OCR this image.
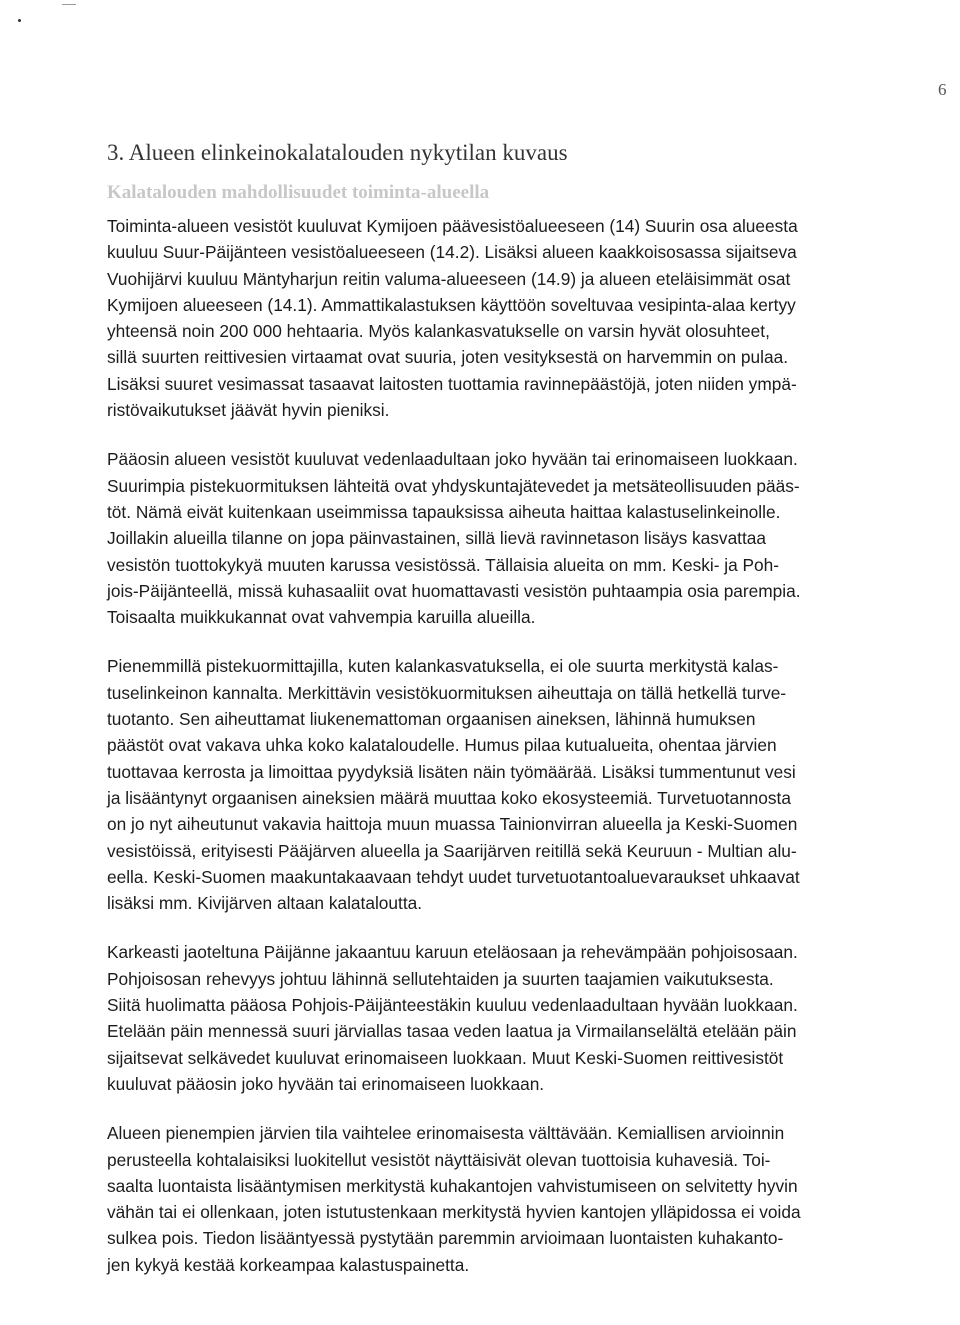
6
3. Alueen elinkeinokalatalouden nykytilan kuvaus
Kalatalouden mahdollisuudet toiminta-alueella

Toiminta-alueen vesistöt kuuluvat Kymijoen päävesistöalueeseen (14) Suurin osa alueesta
kuuluu Suur-Päijänteen vesistöalueeseen (14.2). Lisäksi alueen kaakkoisosassa sijaitseva
Vuohijärvi kuuluu Mäntyharjun reitin valuma-alueeseen (14.9) ja alueen eteläisimmät osat
Kymijoen alueeseen (14.1). Ammattikalastuksen käyttöön soveltuvaa vesipinta-alaa kertyy
yhteensä noin 200 000 hehtaaria. Myös kalankasvatukselle on varsin hyvät olosuhteet,
sillä suurten reittivesien virtaamat ovat suuria, joten vesityksestä on harvemmin on pulaa.
Lisäksi suuret vesimassat tasaavat laitosten tuottamia ravinnepäästöjä, joten niiden ympä-
ristövaikutukset jäävät hyvin pieniksi.

Pääosin alueen vesistöt kuuluvat vedenlaadultaan joko hyvään tai erinomaiseen luokkaan.
Suurimpia pistekuormituksen lähteitä ovat yhdyskuntajätevedet ja metsäteollisuuden pääs-
töt. Nämä eivät kuitenkaan useimmissa tapauksissa aiheuta haittaa kalastuselinkeinolle.
Joillakin alueilla tilanne on jopa päinvastainen, sillä lievä ravinnetason lisäys kasvattaa
vesistön tuottokykyä muuten karussa vesistössä. Tällaisia alueita on mm. Keski- ja Poh-
jois-Päijänteellä, missä kuhasaaliit ovat huomattavasti vesistön puhtaampia osia parempia.
Toisaalta muikkukannat ovat vahvempia karuilla alueilla.

Pienemmillä pistekuormittajilla, kuten kalankasvatuksella, ei ole suurta merkitystä kalas-
tuselinkeinon kannalta. Merkittävin vesistökuormituksen aiheuttaja on tällä hetkellä turve-
tuotanto. Sen aiheuttamat liukenemattoman orgaanisen aineksen, lähinnä humuksen
päästöt ovat vakava uhka koko kalataloudelle. Humus pilaa kutualueita, ohentaa järvien
tuottavaa kerrosta ja limoittaa pyydyksiä lisäten näin työmäärää. Lisäksi tummentunut vesi
ja lisääntynyt orgaanisen aineksien määrä muuttaa koko ekosysteemiä. Turvetuotannosta
on jo nyt aiheutunut vakavia haittoja muun muassa Tainionvirran alueella ja Keski-Suomen
vesistöissä, erityisesti Pääjärven alueella ja Saarijärven reitillä sekä Keuruun - Multian alu-
eella. Keski-Suomen maakuntakaavaan tehdyt uudet turvetuotantoaluevaraukset uhkaavat
lisäksi mm. Kivijärven altaan kalataloutta.

Karkeasti jaoteltuna Päijänne jakaantuu karuun eteläosaan ja rehevämpään pohjoisosaan.
Pohjoisosan rehevyys johtuu lähinnä sellutehtaiden ja suurten taajamien vaikutuksesta.
Siitä huolimatta pääosa Pohjois-Päijänteestäkin kuuluu vedenlaadultaan hyvään luokkaan.
Etelään päin mennessä suuri järviallas tasaa veden laatua ja Virmailanselältä etelään päin
sijaitsevat selkävedet kuuluvat erinomaiseen luokkaan. Muut Keski-Suomen reittivesistöt
kuuluvat pääosin joko hyvään tai erinomaiseen luokkaan.

Alueen pienempien järvien tila vaihtelee erinomaisesta välttävään. Kemiallisen arvioinnin
perusteella kohtalaisiksi luokitellut vesistöt näyttäisivät olevan tuottoisia kuhavesiä. Toi-
saalta luontaista lisääntymisen merkitystä kuhakantojen vahvistumiseen on selvitetty hyvin
vähän tai ei ollenkaan, joten istutustenkaan merkitystä hyvien kantojen ylläpidossa ei voida
sulkea pois. Tiedon lisääntyessä pystytään paremmin arvioimaan luontaisten kuhakanto-
jen kykyä kestää korkeampaa kalastuspainetta.
